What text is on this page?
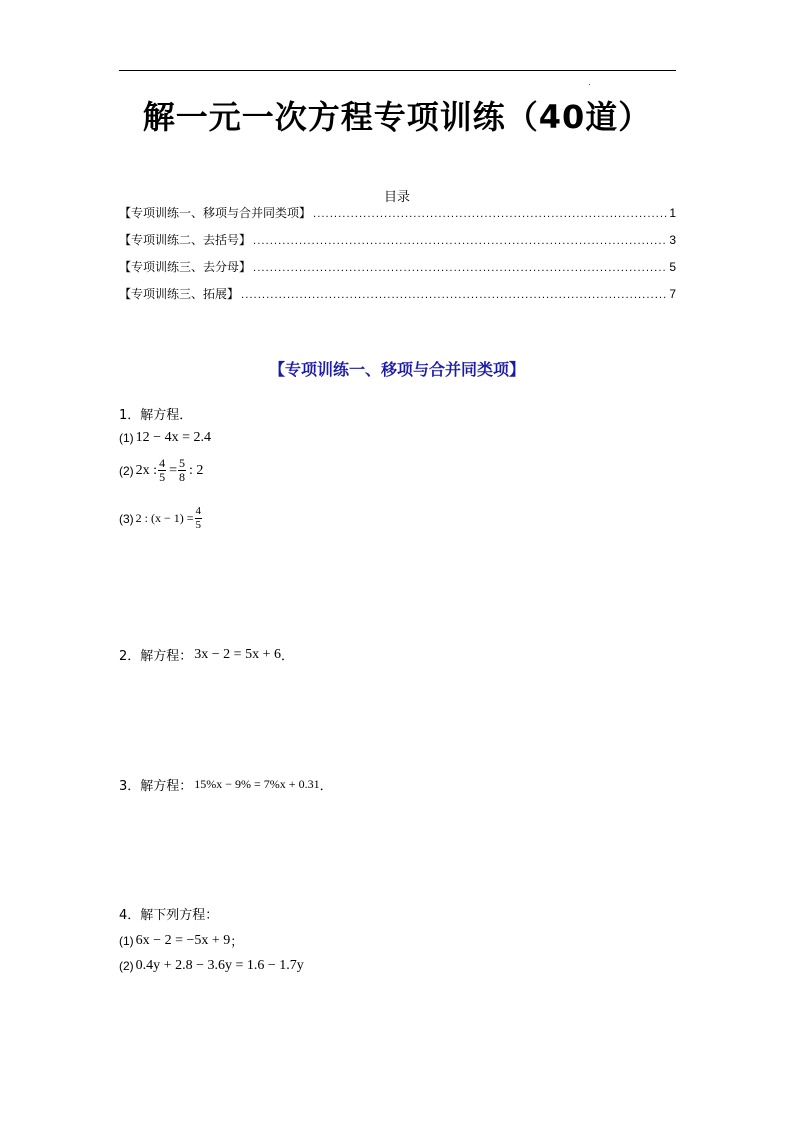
解一元一次方程专项训练（40道）
目录
【专项训练一、移项与合并同类项】 .....	1
【专项训练二、去括号】 .....	3
【专项训练三、去分母】 .....	5
【专项训练三、拓展】 .....	7
【专项训练一、移项与合并同类项】
1．解方程．
(1) 12 − 4x = 2.4
(2) 2x : $\frac{4}{5} = \frac{5}{8}$ : 2
(3) 2 : $(x - 1) = \frac{4}{5}$
2．解方程： 3x − 2 = 5x + 6 ．
3．解方程： 15%x − 9% = 7%x + 0.31 ．
4．解下列方程：
(1) 6x − 2 = −5x + 9 ；
(2) 0.4y + 2.8 − 3.6y = 1.6 − 1.7y
